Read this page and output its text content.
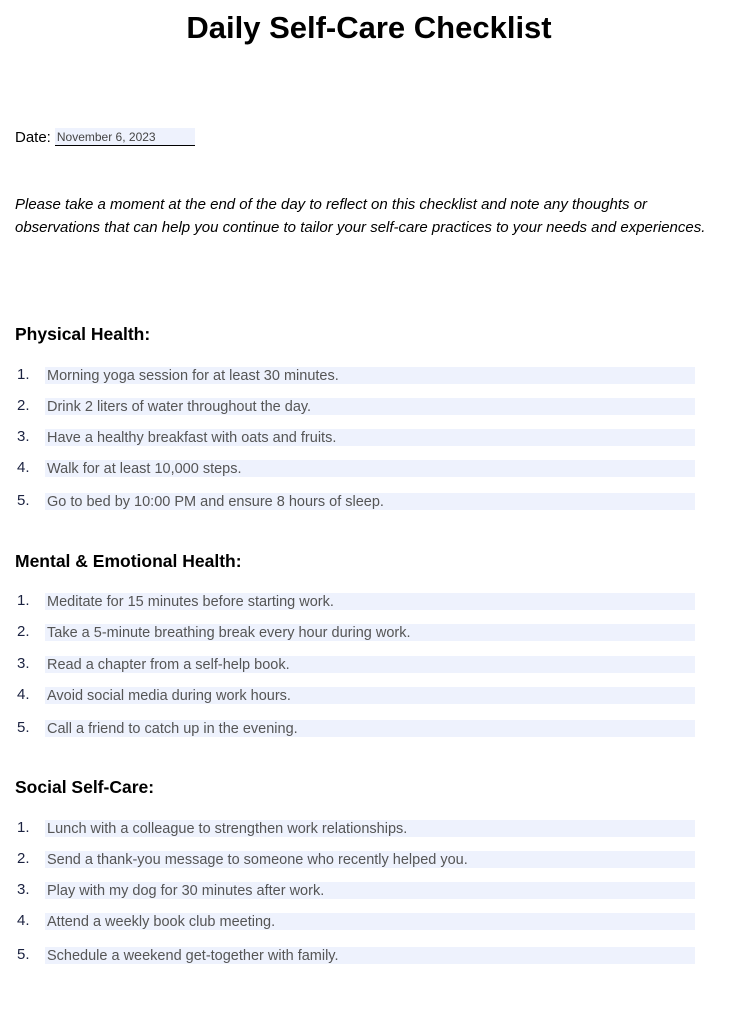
Daily Self-Care Checklist
Date:
November 6, 2023
Please take a moment at the end of the day to reflect on this checklist and note any thoughts or observations that can help you continue to tailor your self-care practices to your needs and experiences.
Physical Health:
1.
Morning yoga session for at least 30 minutes.
2.
Drink 2 liters of water throughout the day.
3.
Have a healthy breakfast with oats and fruits.
4.
Walk for at least 10,000 steps.
5.
Go to bed by 10:00 PM and ensure 8 hours of sleep.
Mental & Emotional Health:
1.
Meditate for 15 minutes before starting work.
2.
Take a 5-minute breathing break every hour during work.
3.
Read a chapter from a self-help book.
4.
Avoid social media during work hours.
5.
Call a friend to catch up in the evening.
Social Self-Care:
1.
Lunch with a colleague to strengthen work relationships.
2.
Send a thank-you message to someone who recently helped you.
3.
Play with my dog for 30 minutes after work.
4.
Attend a weekly book club meeting.
5.
Schedule a weekend get-together with family.
